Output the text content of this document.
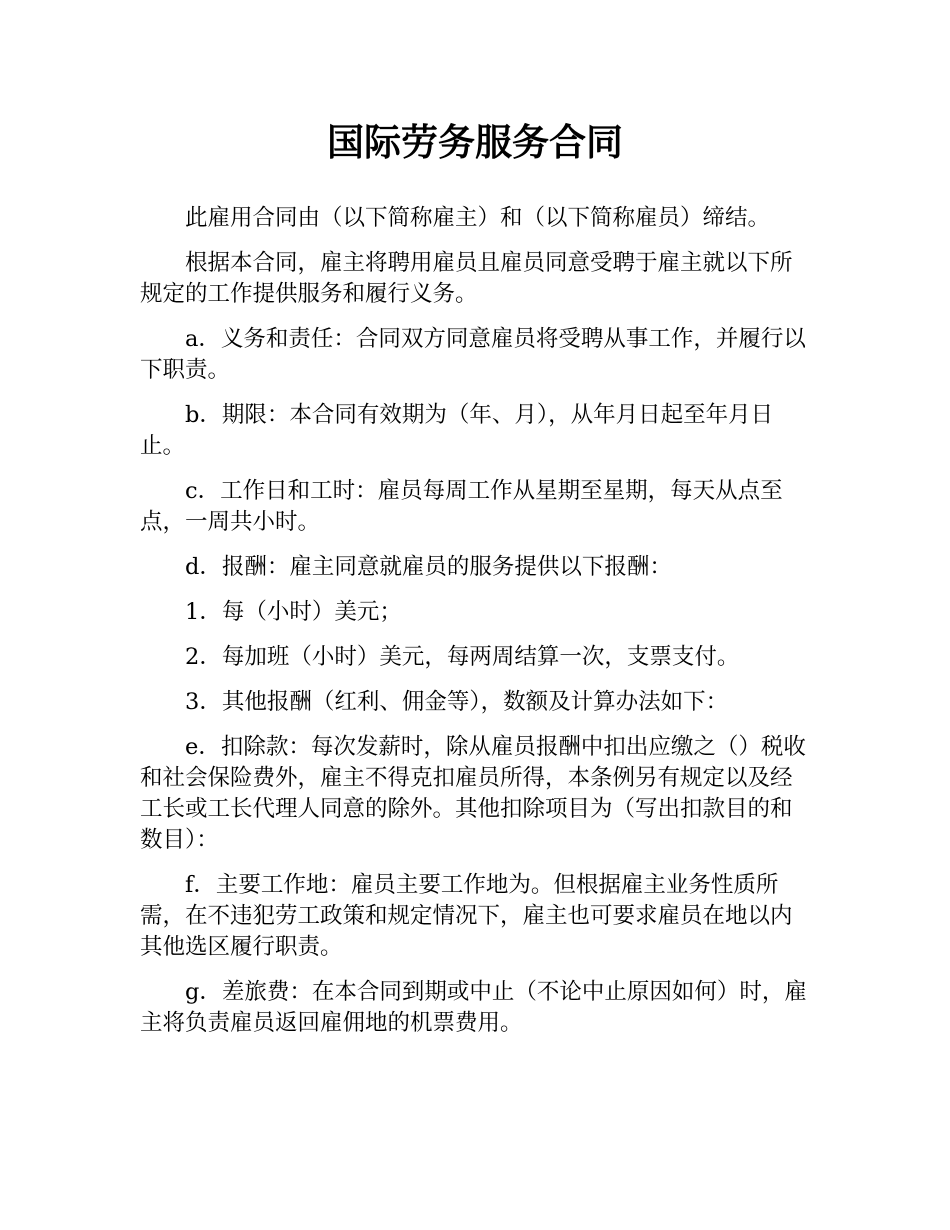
国际劳务服务合同

此雇用合同由（以下简称雇主）和（以下简称雇员）缔结。

根据本合同，雇主将聘用雇员且雇员同意受聘于雇主就以下所规定的工作提供服务和履行义务。

a．义务和责任：合同双方同意雇员将受聘从事工作，并履行以下职责。

b．期限：本合同有效期为（年、月），从年月日起至年月日止。

c．工作日和工时：雇员每周工作从星期至星期，每天从点至点，一周共小时。

d．报酬：雇主同意就雇员的服务提供以下报酬：

1．每（小时）美元；

2．每加班（小时）美元，每两周结算一次，支票支付。

3．其他报酬（红利、佣金等），数额及计算办法如下：

e．扣除款：每次发薪时，除从雇员报酬中扣出应缴之（）税收和社会保险费外，雇主不得克扣雇员所得，本条例另有规定以及经工长或工长代理人同意的除外。其他扣除项目为（写出扣款目的和数目）：

f．主要工作地：雇员主要工作地为。但根据雇主业务性质所需，在不违犯劳工政策和规定情况下，雇主也可要求雇员在地以内其他选区履行职责。

g．差旅费：在本合同到期或中止（不论中止原因如何）时，雇主将负责雇员返回雇佣地的机票费用。
